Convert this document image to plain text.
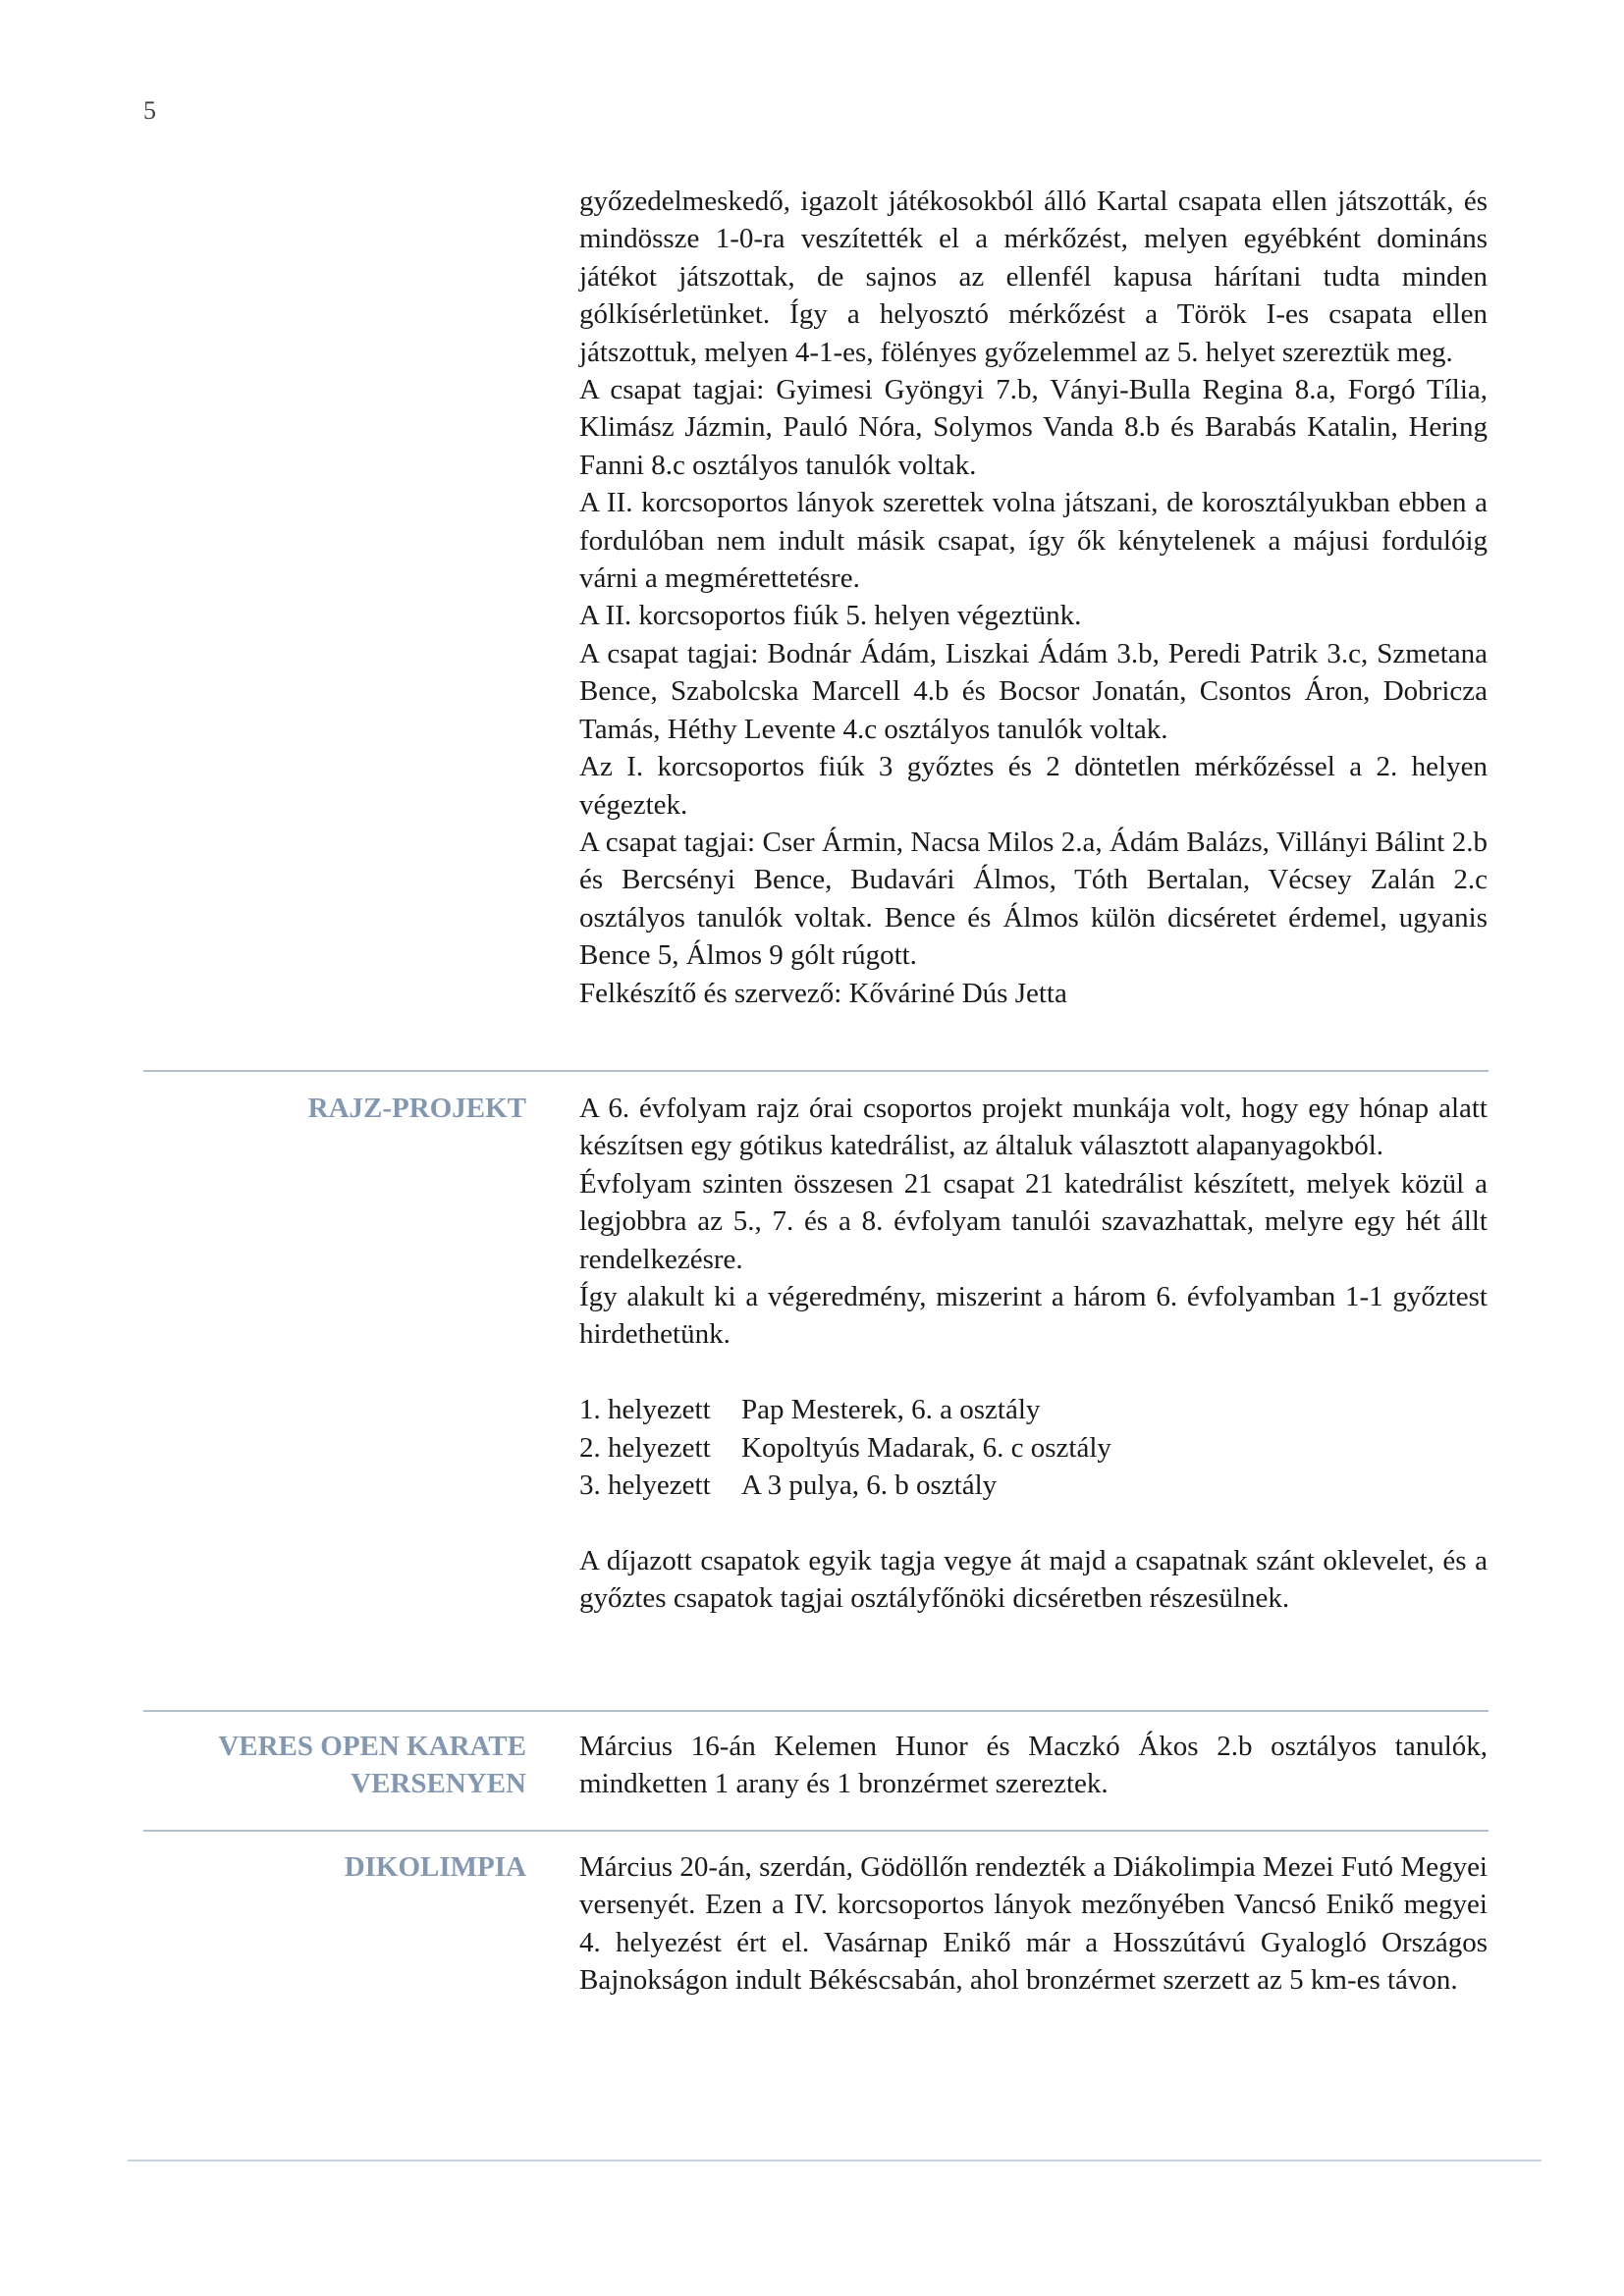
5

győzedelmeskedő, igazolt játékosokból álló Kartal csapata ellen játszották, és mindössze 1-0-ra veszítették el a mérkőzést, melyen egyébként domináns játékot játszottak, de sajnos az ellenfél kapusa hárítani tudta minden gólkísérletünket. Így a helyosztó mérkőzést a Török I-es csapata ellen játszottuk, melyen 4-1-es, fölényes győzelemmel az 5. helyet szereztük meg.

A csapat tagjai: Gyimesi Gyöngyi 7.b, Ványi-Bulla Regina 8.a, Forgó Tília, Klimász Jázmin, Pauló Nóra, Solymos Vanda 8.b és Barabás Katalin, Hering Fanni 8.c osztályos tanulók voltak.

A II. korcsoportos lányok szerettek volna játszani, de korosztályukban ebben a fordulóban nem indult másik csapat, így ők kénytelenek a májusi fordulóig várni a megmérettetésre.

A II. korcsoportos fiúk 5. helyen végeztünk.

A csapat tagjai: Bodnár Ádám, Liszkai Ádám 3.b, Peredi Patrik 3.c, Szmetana Bence, Szabolcska Marcell 4.b és Bocsor Jonatán, Csontos Áron, Dobricza Tamás, Héthy Levente 4.c osztályos tanulók voltak.

Az I. korcsoportos fiúk 3 győztes és 2 döntetlen mérkőzéssel a 2. helyen végeztek.

A csapat tagjai: Cser Ármin, Nacsa Milos 2.a, Ádám Balázs, Villányi Bálint 2.b és Bercsényi Bence, Budavári Álmos, Tóth Bertalan, Vécsey Zalán 2.c osztályos tanulók voltak. Bence és Álmos külön dicséretet érdemel, ugyanis Bence 5, Álmos 9 gólt rúgott.

Felkészítő és szervező: Kőváriné Dús Jetta

RAJZ-PROJEKT A 6. évfolyam rajz órai csoportos projekt munkája volt, hogy egy hónap alatt készítsen egy gótikus katedrálist, az általuk választott alapanyagokból.

Évfolyam szinten összesen 21 csapat 21 katedrálist készített, melyek közül a legjobbra az 5., 7. és a 8. évfolyam tanulói szavazhattak, melyre egy hét állt rendelkezésre.

Így alakult ki a végeredmény, miszerint a három 6. évfolyamban 1-1 győztest hirdethetünk.

1. helyezett	Pap Mesterek, 6. a osztály
2. helyezett	Kopoltyús Madarak, 6. c osztály
3. helyezett	A 3 pulya, 6. b osztály

A díjazott csapatok egyik tagja vegye át majd a csapatnak szánt oklevelet, és a győztes csapatok tagjai osztályfőnöki dicséretben részesülnek.

VERES OPEN KARATE
VERSENYEN

Március 16-án Kelemen Hunor és Maczkó Ákos 2.b osztályos tanulók, mindketten 1 arany és 1 bronzérmet szereztek.

DIKOLIMPIA Március 20-án, szerdán, Gödöllőn rendezték a Diákolimpia Mezei Futó Megyei versenyét. Ezen a IV. korcsoportos lányok mezőnyében Vancsó Enikő megyei 4. helyezést ért el. Vasárnap Enikő már a Hosszútávú Gyalogló Országos Bajnokságon indult Békéscsabán, ahol bronzérmet szerzett az 5 km-es távon.
